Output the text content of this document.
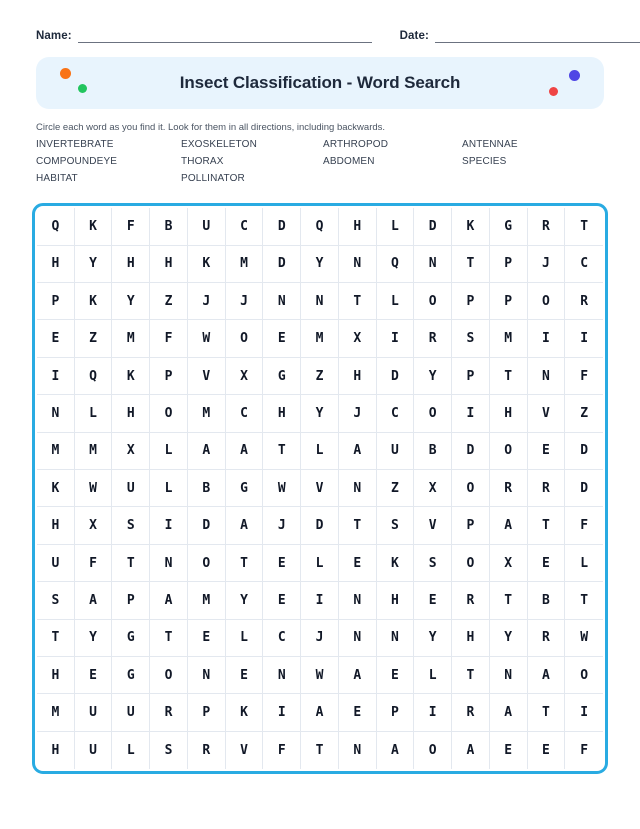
Name:	Date:
Insect Classification - Word Search

Circle each word as you find it. Look for them in all directions, including backwards.

INVERTEBRATE	EXOSKELETON	ARTHROPOD	ANTENNAE
COMPOUNDEYE	THORAX	ABDOMEN	SPECIES
HABITAT	POLLINATOR
Q	K	F	B	U	C	D	Q	H	L	D	K	G	R	T
H	Y	H	H	K	M	D	Y	N	Q	N	T	P	J	C
P	K	Y	Z	J	J	N	N	T	L	O	P	P	O	R
E	Z	M	F	W	O	E	M	X	I	R	S	M	I	I
I	Q	K	P	V	X	G	Z	H	D	Y	P	T	N	F
N	L	H	O	M	C	H	Y	J	C	O	I	H	V	Z
M	M	X	L	A	A	T	L	A	U	B	D	O	E	D
K	W	U	L	B	G	W	V	N	Z	X	O	R	R	D
H	X	S	I	D	A	J	D	T	S	V	P	A	T	F
U	F	T	N	O	T	E	L	E	K	S	O	X	E	L
S	A	P	A	M	Y	E	I	N	H	E	R	T	B	T
T	Y	G	T	E	L	C	J	N	N	Y	H	Y	R	W
H	E	G	O	N	E	N	W	A	E	L	T	N	A	O
M	U	U	R	P	K	I	A	E	P	I	R	A	T	I
H	U	L	S	R	V	F	T	N	A	O	A	E	E	F
